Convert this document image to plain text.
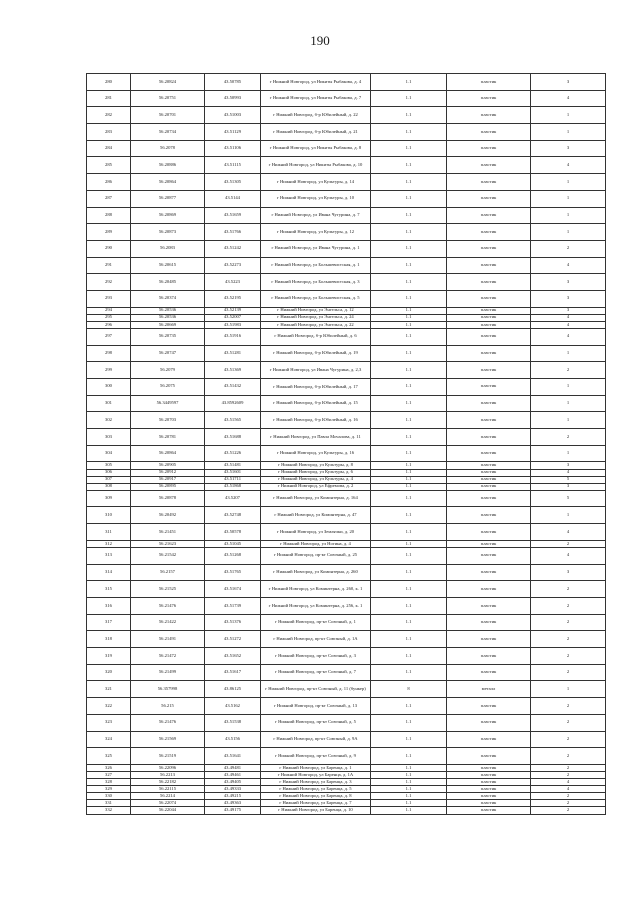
190
280	56.20824	43.50785	г Нижний Новгород, ул Никиты Рыбакова, д. 4	1.1	пластик	3
281	56.20751	43.50993	г Нижний Новгород, ул Никиты Рыбакова, д. 7	1.1	пластик	4
282	56.20701	43.51003	г Нижний Новгород, б-р Юбилейный, д. 22	1.1	пластик	1
283	56.20734	43.51129	г Нижний Новгород, б-р Юбилейный, д. 21	1.1	пластик	1
284	56.2078	43.51106	г Нижний Новгород, ул Никиты Рыбакова, д. 8	1.1	пластик	3
285	56.20886	43.51115	г Нижний Новгород, ул Никиты Рыбакова, д. 10	1.1	пластик	4
286	56.20864	43.51305	г Нижний Новгород, ул Культуры, д. 14	1.1	пластик	1
287	56.20877	43.5144	г Нижний Новгород, ул Культуры, д. 10	1.1	пластик	1
288	56.20869	43.51659	г Нижний Новгород, ул Ивана Чугурина, д. 7	1.1	пластик	1
289	56.20873	43.51766	г Нижний Новгород, ул Культуры, д. 12	1.1	пластик	1
290	56.2083	43.51242	г Нижний Новгород, ул Ивана Чугурина, д. 1	1.1	пластик	2
291	56.20615	43.52273	г Нижний Новгород, ул Большевистская, д. 1	1.1	пластик	4
292	56.20485	43.5223	г Нижний Новгород, ул Большевистская, д. 3	1.1	пластик	3
293	56.20374	43.52195	г Нижний Новгород, ул Большевистская, д. 5	1.1	пластик	3
294	56.20536	43.52139	г Нижний Новгород, ул Энгельса, д. 12	1.1	пластик	3
295	56.20536	43.52007	г Нижний Новгород, ул Энгельса, д. 24	1.1	пластик	4
296	56.20669	43.51983	г Нижний Новгород, ул Энгельса, д. 22	1.1	пластик	4
297	56.20735	43.51916	г Нижний Новгород, б-р Юбилейный, д. 6	1.1	пластик	4
298	56.20747	43.51281	г Нижний Новгород, б-р Юбилейный, д. 19	1.1	пластик	1
299	56.2079	43.51369	г Нижний Новгород, ул Ивана Чугурина, д. 2,3	1.1	пластик	2
300	56.2075	43.51432	г Нижний Новгород, б-р Юбилейный, д. 17	1.1	пластик	1
301	56.3449597	43.8592609	г Нижний Новгород, б-р Юбилейный, д. 15	1.1	пластик	1
302	56.20703	43.51565	г Нижний Новгород, б-р Юбилейный, д. 16	1.1	пластик	1
303	56.20781	43.51688	г Нижний Новгород, ул Павла Мочалова, д. 11	1.1	пластик	2
304	56.20864	43.51226	г Нижний Новгород, ул Культуры, д. 16	1.1	пластик	1
305	56.20905	43.51481	г Нижний Новгород, ул Культуры, д. 8	1.1	пластик	3
306	56.20912	43.51601	г Нижний Новгород, ул Культуры, д. 6	1.1	пластик	4
307	56.20917	43.51711	г Нижний Новгород, ул Культуры, д. 4	1.1	пластик	5
308	56.20895	43.51868	г Нижний Новгород, ул Ефремова, д. 2	1.1	пластик	3
309	56.20878	43.5207	г Нижний Новгород, ул Коминтерна, д. 164	1.1	пластик	5
310	56.20492	43.52748	г Нижний Новгород, ул Коминтерна, д. 47	1.1	пластик	1
311	56.21451	43.50578	г Нижний Новгород, ул Землячки, д. 20	1.1	пластик	4
312	56.21623	43.51045	г Нижний Новгород, ул Ногина, д. 4	1.1	пластик	2
313	56.21542	43.51268	г Нижний Новгород, пр-кт Союзный, д. 25	1.1	пластик	4
314	56.2157	43.51765	г Нижний Новгород, ул Коминтерна, д. 260	1.1	пластик	3
315	56.21525	43.51674	г Нижний Новгород, ул Коминтерна, д. 260, к. 1	1.1	пластик	2
316	56.21476	43.51739	г Нижний Новгород, ул Коминтерна, д. 256, к. 1	1.1	пластик	2
317	56.21422	43.51376	г Нижний Новгород, пр-кт Союзный, д. 1	1.1	пластик	2
318	56.21491	43.51272	г Нижний Новгород, пр-кт Союзный, д. 1А	1.1	пластик	2
319	56.21472	43.51652	г Нижний Новгород, пр-кт Союзный, д. 3	1.1	пластик	2
320	56.21499	43.51617	г Нижний Новгород, пр-кт Союзный, д. 7	1.1	пластик	2
321	56.357998	43.86125	г Нижний Новгород, пр-кт Союзный, д. 11 (бункер)	8	металл	1
322	56.215	43.5162	г Нижний Новгород, пр-кт Союзный, д. 13	1.1	пластик	2
323	56.21476	43.51538	г Нижний Новгород, пр-кт Союзный, д. 5	1.1	пластик	2
324	56.21569	43.5156	г Нижний Новгород, пр-кт Союзный, д. 9А	1.1	пластик	2
325	56.21519	43.51641	г Нижний Новгород, пр-кт Союзный, д. 9	1.1	пластик	2
326	56.22096	43.49481	г Нижний Новгород, ул Баренца, д. 1	1.1	пластик	2
327	56.2213	43.49461	г Нижний Новгород, ул Баренца, д. 1А	1.1	пластик	2
328	56.22182	43.49405	г Нижний Новгород, ул Баренца, д. 3	1.1	пластик	4
329	56.22115	43.49333	г Нижний Новгород, ул Баренца, д. 5	1.1	пластик	4
330	56.2214	43.49215	г Нижний Новгород, ул Баренца, д. 8	1.1	пластик	2
331	56.22074	43.49363	г Нижний Новгород, ул Баренца, д. 7	1.1	пластик	2
332	56.22044	43.49175	г Нижний Новгород, ул Баренца, д. 10	1.1	пластик	2
